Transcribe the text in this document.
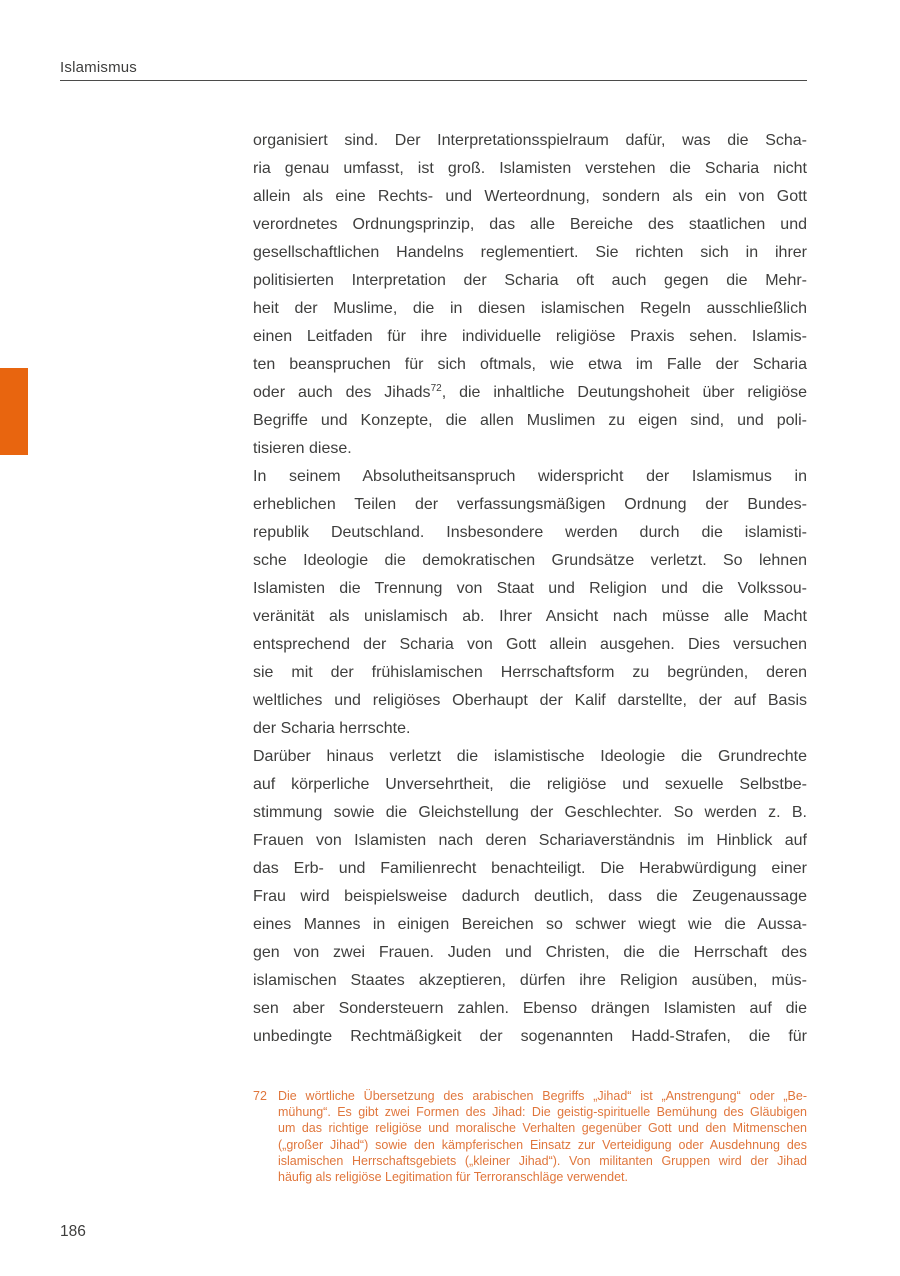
Islamismus
organisiert sind. Der Interpretationsspielraum dafür, was die Scha-
ria genau umfasst, ist groß. Islamisten verstehen die Scharia nicht
allein als eine Rechts- und Werteordnung, sondern als ein von Gott
verordnetes Ordnungsprinzip, das alle Bereiche des staatlichen und
gesellschaftlichen Handelns reglementiert. Sie richten sich in ihrer
politisierten Interpretation der Scharia oft auch gegen die Mehr-
heit der Muslime, die in diesen islamischen Regeln ausschließlich
einen Leitfaden für ihre individuelle religiöse Praxis sehen. Islamis-
ten beanspruchen für sich oftmals, wie etwa im Falle der Scharia
oder auch des Jihads$^{72}$, die inhaltliche Deutungshoheit über religiöse
Begriffe und Konzepte, die allen Muslimen zu eigen sind, und poli-
tisieren diese.
In seinem Absolutheitsanspruch widerspricht der Islamismus in
erheblichen Teilen der verfassungsmäßigen Ordnung der Bundes-
republik Deutschland. Insbesondere werden durch die islamisti-
sche Ideologie die demokratischen Grundsätze verletzt. So lehnen
Islamisten die Trennung von Staat und Religion und die Volkssou-
veränität als unislamisch ab. Ihrer Ansicht nach müsse alle Macht
entsprechend der Scharia von Gott allein ausgehen. Dies versuchen
sie mit der frühislamischen Herrschaftsform zu begründen, deren
weltliches und religiöses Oberhaupt der Kalif darstellte, der auf Basis
der Scharia herrschte.
Darüber hinaus verletzt die islamistische Ideologie die Grundrechte
auf körperliche Unversehrtheit, die religiöse und sexuelle Selbstbe-
stimmung sowie die Gleichstellung der Geschlechter. So werden z. B.
Frauen von Islamisten nach deren Schariaverständnis im Hinblick auf
das Erb- und Familienrecht benachteiligt. Die Herabwürdigung einer
Frau wird beispielsweise dadurch deutlich, dass die Zeugenaussage
eines Mannes in einigen Bereichen so schwer wiegt wie die Aussa-
gen von zwei Frauen. Juden und Christen, die die Herrschaft des
islamischen Staates akzeptieren, dürfen ihre Religion ausüben, müs-
sen aber Sondersteuern zahlen. Ebenso drängen Islamisten auf die
unbedingte Rechtmäßigkeit der sogenannten Hadd-Strafen, die für
72 Die wörtliche Übersetzung des arabischen Begriffs „Jihad“ ist „Anstrengung“ oder „Be-
mühung“. Es gibt zwei Formen des Jihad: Die geistig-spirituelle Bemühung des Gläubigen
um das richtige religiöse und moralische Verhalten gegenüber Gott und den Mitmenschen
(„großer Jihad“) sowie den kämpferischen Einsatz zur Verteidigung oder Ausdehnung des
islamischen Herrschaftsgebiets („kleiner Jihad“). Von militanten Gruppen wird der Jihad
häufig als religiöse Legitimation für Terroranschläge verwendet.
186
